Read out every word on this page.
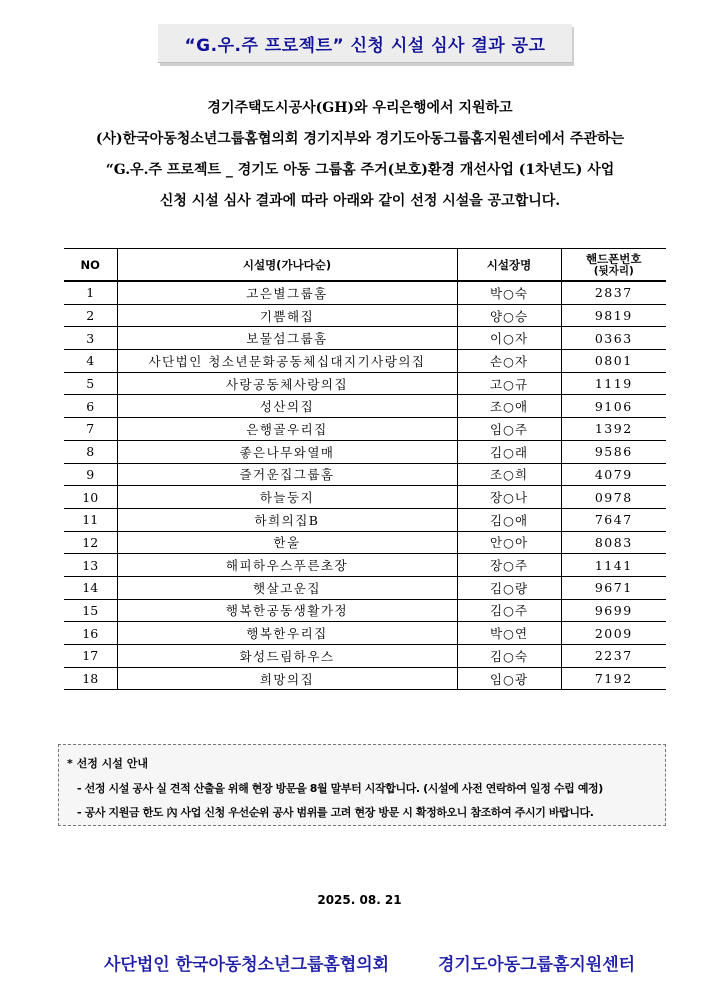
“G.우.주 프로젝트” 신청 시설 심사 결과 공고
경기주택도시공사(GH)와 우리은행에서 지원하고
(사)한국아동청소년그룹홈협의회 경기지부와 경기도아동그룹홈지원센터에서 주관하는
“G.우.주 프로젝트 _ 경기도 아동 그룹홈 주거(보호)환경 개선사업 (1차년도) 사업
신청 시설 심사 결과에 따라 아래와 같이 선정 시설을 공고합니다.
NO	시설명(가나다순)	시설장명	핸드폰번호
(뒷자리)

1	고은별그룹홈	박○숙	2837
2	기쁨해집	양○승	9819
3	보물섬그룹홈	이○자	0363
4	사단법인 청소년문화공동체십대지기사랑의집	손○자	0801
5	사랑공동체사랑의집	고○규	1119
6	성산의집	조○애	9106
7	은행골우리집	임○주	1392
8	좋은나무와열매	김○래	9586
9	즐거운집그룹홈	조○희	4079
10	하늘둥지	장○나	0978
11	하희의집B	김○애	7647
12	한울	안○아	8083
13	해피하우스푸른초장	장○주	1141
14	햇살고운집	김○량	9671
15	행복한공동생활가정	김○주	9699
16	행복한우리집	박○연	2009
17	화성드림하우스	김○숙	2237
18	희망의집	임○광	7192
* 선정 시설 안내
- 선정 시설 공사 실 견적 산출을 위해 현장 방문을 8월 말부터 시작합니다. (시설에 사전 연락하여 일정 수립 예정)
- 공사 지원금 한도 內 사업 신청 우선순위 공사 범위를 고려 현장 방문 시 확정하오니 참조하여 주시기 바랍니다.
2025. 08. 21
사단법인 한국아동청소년그룹홈협의회	경기도아동그룹홈지원센터
